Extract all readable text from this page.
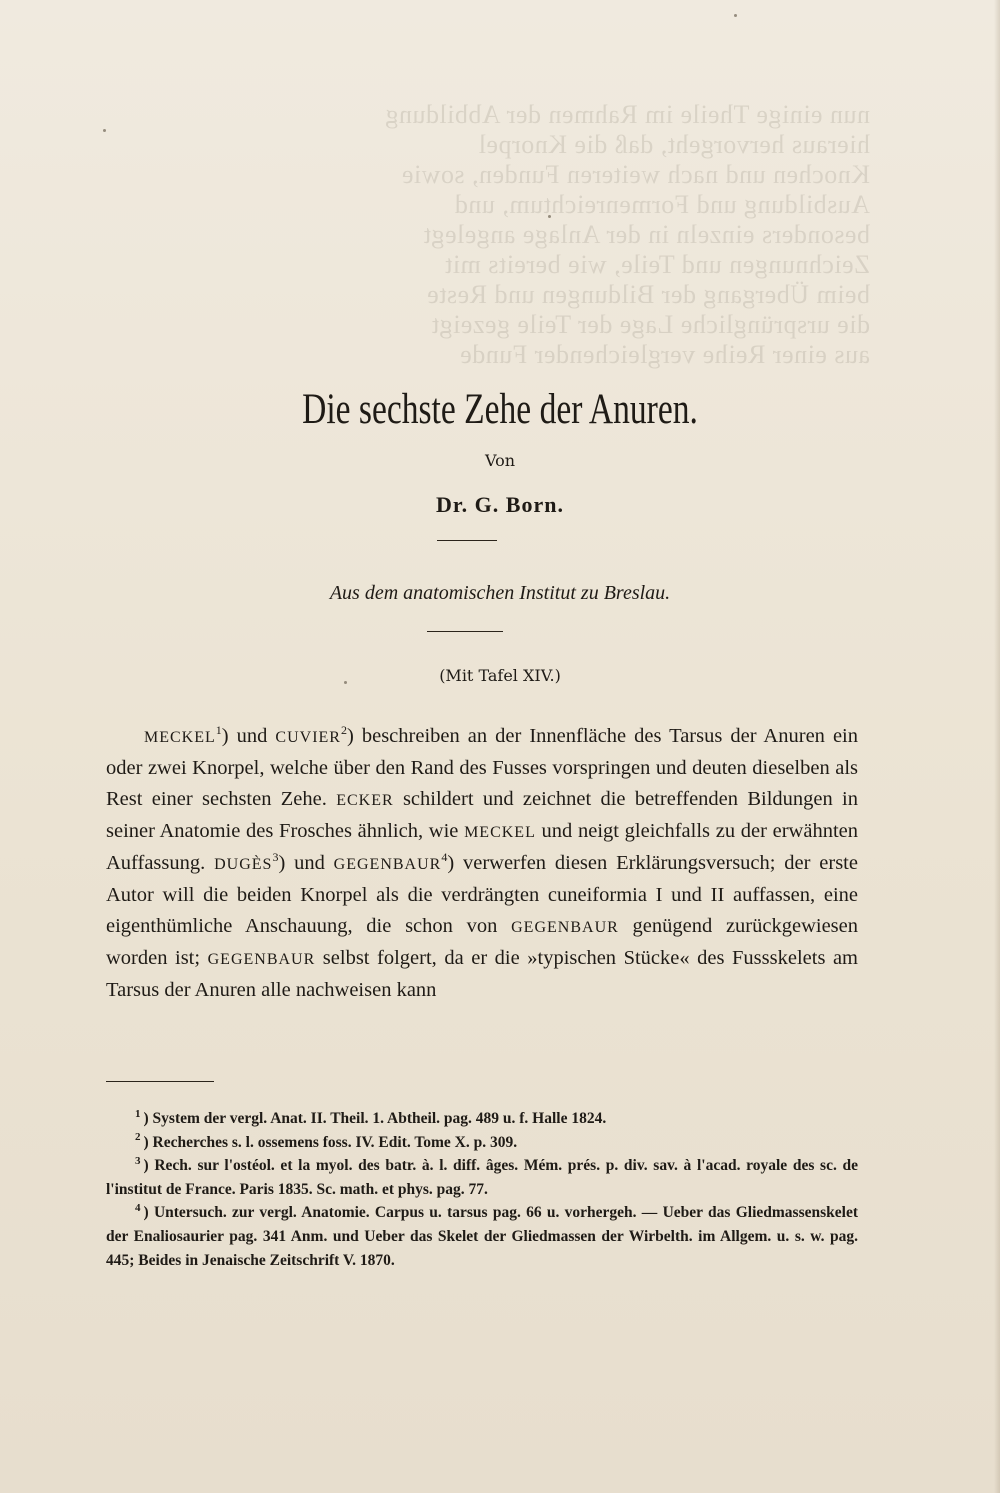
nun einige Theile im Rahmen der Abbildung
hieraus hervorgeht, daß die Knorpel
Knochen und nach weiteren Funden, sowie
Ausbildung und Formenreichtum, und
besonders einzeln in der Anlage angelegt
Zeichnungen und Teile, wie bereits mit
beim Übergang der Bildungen und Reste
die ursprüngliche Lage der Teile gezeigt
aus einer Reihe vergleichender Funde

Die sechste Zehe der Anuren.
Von
Dr. G. Born.
Aus dem anatomischen Institut zu Breslau.
(Mit Tafel XIV.)

MECKEL$^1$) und CUVIER$^2$) beschreiben an der Innenfläche des Tarsus der Anuren ein oder zwei Knorpel, welche über den Rand des Fusses vorspringen und deuten dieselben als Rest einer sechsten Zehe. ECKER schildert und zeichnet die betreffenden Bildungen in seiner Anatomie des Frosches ähnlich, wie MECKEL und neigt gleichfalls zu der erwähnten Auffassung. DUGÈS$^3$) und GEGENBAUR$^4$) verwerfen diesen Erklärungsversuch; der erste Autor will die beiden Knorpel als die verdrängten cuneiformia I und II auffassen, eine eigenthümliche Anschauung, die schon von GEGENBAUR genügend zurückgewiesen worden ist; GEGENBAUR selbst folgert, da er die »typischen Stücke« des Fussskelets am Tarsus der Anuren alle nachweisen kann

$^1$ ) System der vergl. Anat. II. Theil. 1. Abtheil. pag. 489 u. f. Halle 1824.

$^2$ ) Recherches s. l. ossemens foss. IV. Edit. Tome X. p. 309.

$^3$ ) Rech. sur l'ostéol. et la myol. des batr. à. l. diff. âges. Mém. prés. p. div. sav. à l'acad. royale des sc. de l'institut de France. Paris 1835. Sc. math. et phys. pag. 77.

$^4$ ) Untersuch. zur vergl. Anatomie. Carpus u. tarsus pag. 66 u. vorhergeh. — Ueber das Gliedmassenskelet der Enaliosaurier pag. 341 Anm. und Ueber das Skelet der Gliedmassen der Wirbelth. im Allgem. u. s. w. pag. 445; Beides in Jenaische Zeitschrift V. 1870.
